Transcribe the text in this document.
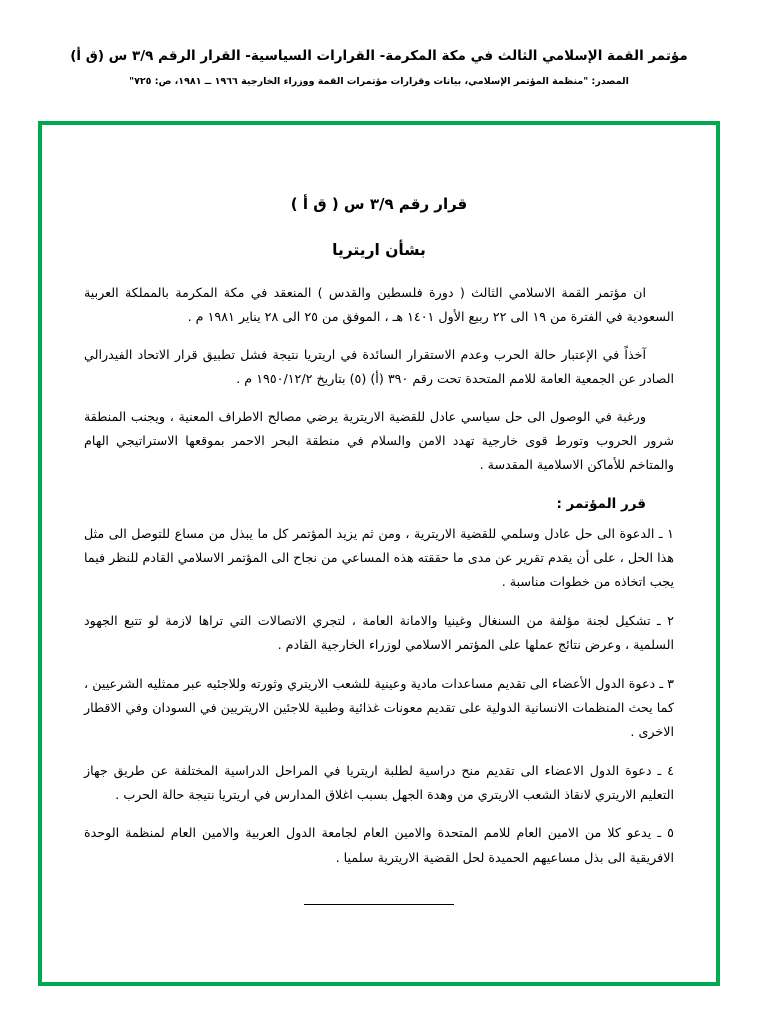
مؤتمر القمة الإسلامي الثالث في مكة المكرمة- القرارات السياسية- القرار الرقم ٣/٩ س (ق أ)
المصدر: "منظمة المؤتمر الإسلامي، بيانات وقرارات مؤتمرات القمة ووزراء الخارجية ١٩٦٦ ــ ١٩٨١، ص: ٧٢٥"
قرار رقم ٣/٩ س ( ق أ )
بشأن اريتريا

ان مؤتمر القمة الاسلامي الثالث ( دورة فلسطين والقدس ) المنعقد في مكة المكرمة بالمملكة العربية السعودية في الفترة من ١٩ الى ٢٢ ربيع الأول ١٤٠١ هـ ، الموفق من ٢٥ الى ٢٨ يناير ١٩٨١ م .

آخذاً في الإعتبار حالة الحرب وعدم الاستقرار السائدة في اريتريا نتيجة فشل تطبيق قرار الاتحاد الفيدرالي الصادر عن الجمعية العامة للامم المتحدة تحت رقم ٣٩٠ (أ) (٥) بتاريخ ١٩٥٠/١٢/٢ م .

ورغبة في الوصول الى حل سياسي عادل للقضية الاريترية يرضي مصالح الاطراف المعنية ، ويجنب المنطقة شرور الحروب وتورط قوى خارجية تهدد الامن والسلام في منطقة البحر الاحمر بموقعها الاستراتيجي الهام والمتاخم للأماكن الاسلامية المقدسة .

قرر المؤتمر :
١ ـ الدعوة الى حل عادل وسلمي للقضية الاريترية ، ومن ثم يزيد المؤتمر كل ما يبذل من مساع للتوصل الى مثل هذا الحل ، على أن يقدم تقرير عن مدى ما حققته هذه المساعي من نجاح الى المؤتمر الاسلامي القادم للنظر فيما يجب اتخاذه من خطوات مناسبة .
٢ ـ تشكيل لجنة مؤلفة من السنغال وغينيا والامانة العامة ، لتجري الاتصالات التي تراها لازمة لو تتبع الجهود السلمية ، وعرض نتائج عملها على المؤتمر الاسلامي لوزراء الخارجية القادم .
٣ ـ دعوة الدول الأعضاء الى تقديم مساعدات مادية وعينية للشعب الاريتري وثورته وللاجئيه عبر ممثليه الشرعيين ، كما يحث المنظمات الانسانية الدولية على تقديم معونات غذائية وطبية للاجئين الاريتريين في السودان وفي الاقطار الاخرى .
٤ ـ دعوة الدول الاعضاء الى تقديم منح دراسية لطلبة اريتريا في المراحل الدراسية المختلفة عن طريق جهاز التعليم الاريتري لانقاذ الشعب الاريتري من وهدة الجهل بسبب اغلاق المدارس في اريتريا نتيجة حالة الحرب .
٥ ـ يدعو كلا من الامين العام للامم المتحدة والامين العام لجامعة الدول العربية والامين العام لمنظمة الوحدة الافريقية الى بذل مساعيهم الحميدة لحل القضية الاريترية سلميا .
